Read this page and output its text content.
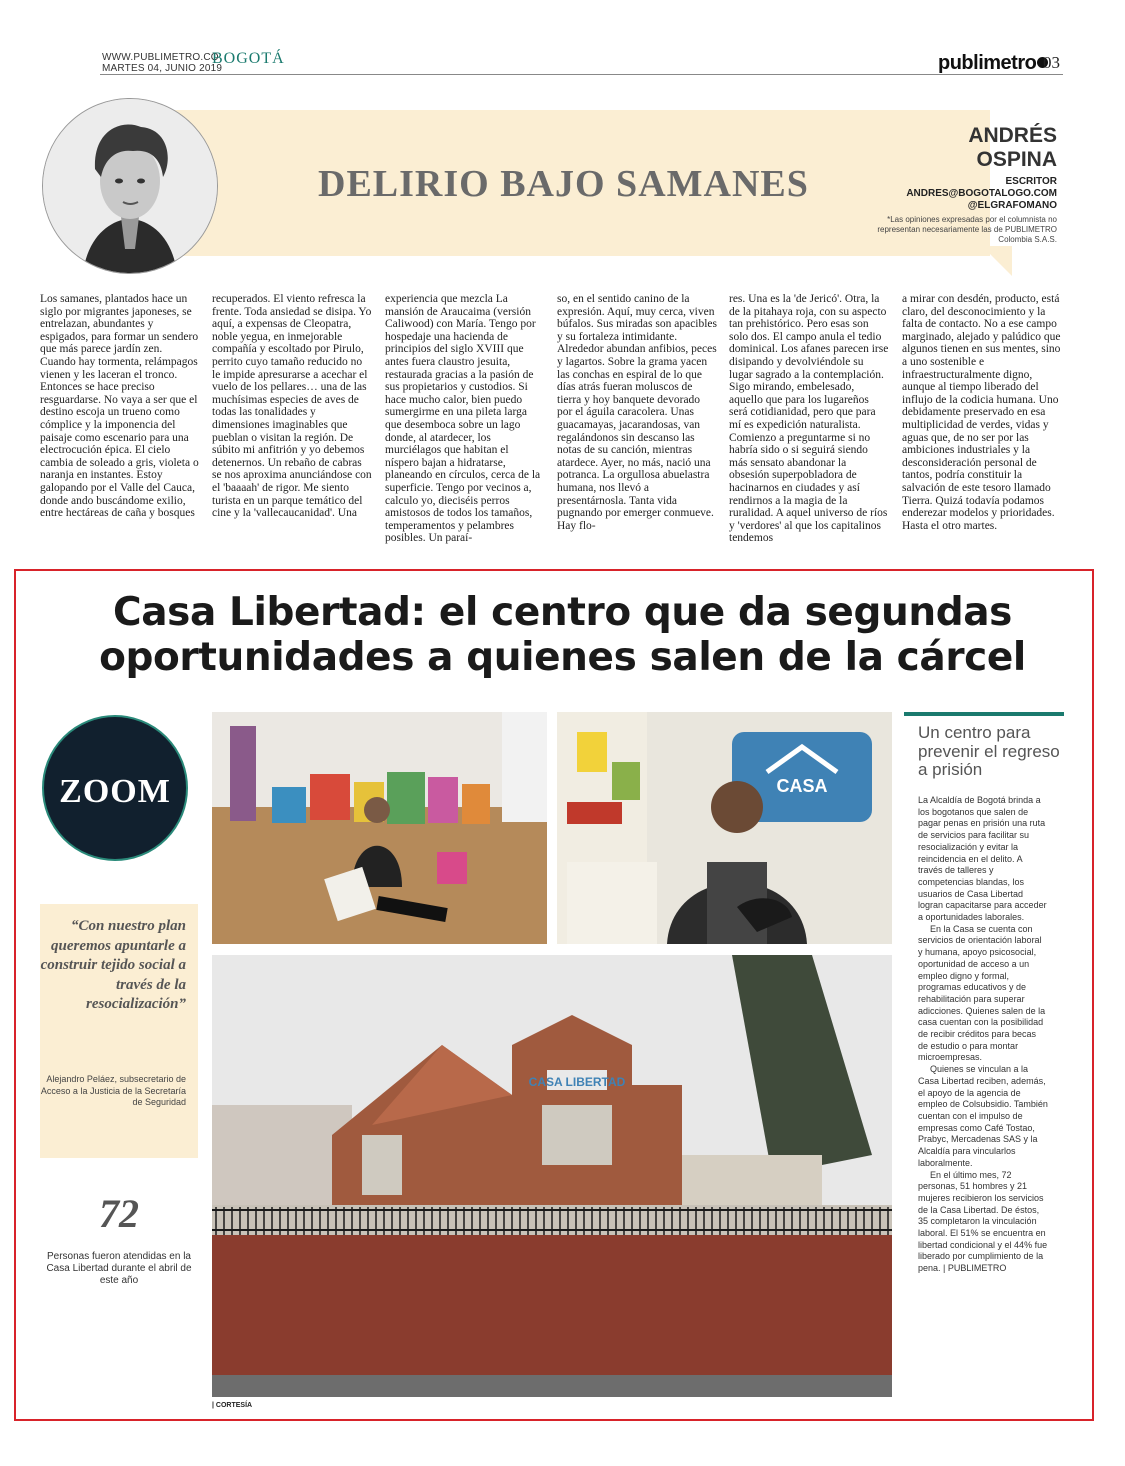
WWW.PUBLIMETRO.CO
MARTES 04, JUNIO 2019
BOGOTÁ	publimetro 03
DELIRIO BAJO SAMANES
ANDRÉS
OSPINA
ESCRITOR
ANDRES@BOGOTALOGO.COM
@ELGRAFOMANO
*Las opiniones expresadas por el columnista no representan necesariamente las de PUBLIMETRO Colombia S.A.S.
Los samanes, plantados hace un siglo por migrantes japoneses, se entrelazan, abundantes y espigados, para formar un sendero que más parece jardín zen. Cuando hay tormenta, relámpagos vienen y les laceran el tronco. Entonces se hace preciso resguardarse. No vaya a ser que el destino escoja un trueno como cómplice y la imponencia del paisaje como escenario para una electrocución épica. El cielo cambia de soleado a gris, violeta o naranja en instantes. Estoy galopando por el Valle del Cauca, donde ando buscándome exilio, entre hectáreas de caña y bosques
recuperados. El viento refresca la frente. Toda ansiedad se disipa. Yo aquí, a expensas de Cleopatra, noble yegua, en inmejorable compañía y escoltado por Pirulo, perrito cuyo tamaño reducido no le impide apresurarse a acechar el vuelo de los pellares… una de las muchísimas especies de aves de todas las tonalidades y dimensiones imaginables que pueblan o visitan la región. De súbito mi anfitrión y yo debemos detenernos. Un rebaño de cabras se nos aproxima anunciándose con el 'baaaah' de rigor. Me siento turista en un parque temático del cine y la 'vallecaucanidad'. Una
experiencia que mezcla La mansión de Araucaima (versión Caliwood) con María. Tengo por hospedaje una hacienda de principios del siglo XVIII que antes fuera claustro jesuita, restaurada gracias a la pasión de sus propietarios y custodios. Si hace mucho calor, bien puedo sumergirme en una pileta larga que desemboca sobre un lago donde, al atardecer, los murciélagos que habitan el níspero bajan a hidratarse, planeando en círculos, cerca de la superficie. Tengo por vecinos a, calculo yo, dieciséis perros amistosos de todos los tamaños, temperamentos y pelambres posibles. Un paraí-
so, en el sentido canino de la expresión. Aquí, muy cerca, viven búfalos. Sus miradas son apacibles y su fortaleza intimidante. Alrededor abundan anfibios, peces y lagartos. Sobre la grama yacen las conchas en espiral de lo que días atrás fueran moluscos de tierra y hoy banquete devorado por el águila caracolera. Unas guacamayas, jacarandosas, van regalándonos sin descanso las notas de su canción, mientras atardece. Ayer, no más, nació una potranca. La orgullosa abuelastra humana, nos llevó a presentárnosla. Tanta vida pugnando por emerger conmueve. Hay flo-
res. Una es la 'de Jericó'. Otra, la de la pitahaya roja, con su aspecto tan prehistórico. Pero esas son solo dos. El campo anula el tedio dominical. Los afanes parecen irse disipando y devolviéndole su lugar sagrado a la contemplación. Sigo mirando, embelesado, aquello que para los lugareños será cotidianidad, pero que para mí es expedición naturalista. Comienzo a preguntarme si no habría sido o si seguirá siendo más sensato abandonar la obsesión superpobladora de hacinarnos en ciudades y así rendirnos a la magia de la ruralidad. A aquel universo de ríos y 'verdores' al que los capitalinos tendemos
a mirar con desdén, producto, está claro, del desconocimiento y la falta de contacto. No a ese campo marginado, alejado y palúdico que algunos tienen en sus mentes, sino a uno sostenible e infraestructuralmente digno, aunque al tiempo liberado del influjo de la codicia humana. Uno debidamente preservado en esa multiplicidad de verdes, vidas y aguas que, de no ser por las ambiciones industriales y la desconsideración personal de tantos, podría constituir la salvación de este tesoro llamado Tierra. Quizá todavía podamos enderezar modelos y prioridades. Hasta el otro martes.
Casa Libertad: el centro que da segundas
oportunidades a quienes salen de la cárcel
ZOOM
“Con nuestro plan queremos apuntarle a construir tejido social a través de la resocialización”
Alejandro Peláez, subsecretario de Acceso a la Justicia de la Secretaría de Seguridad
72
Personas fueron atendidas en la Casa Libertad durante el abril de este año
CASA
CASA LIBERTAD
| CORTESÍA
Un centro para prevenir el regreso a prisión

La Alcaldía de Bogotá brinda a los bogotanos que salen de pagar penas en prisión una ruta de servicios para facilitar su resocialización y evitar la reincidencia en el delito. A través de talleres y competencias blandas, los usuarios de Casa Libertad logran capacitarse para acceder a oportunidades laborales.

En la Casa se cuenta con servicios de orientación laboral y humana, apoyo psicosocial, oportunidad de acceso a un empleo digno y formal, programas educativos y de rehabilitación para superar adicciones. Quienes salen de la casa cuentan con la posibilidad de recibir créditos para becas de estudio o para montar microempresas.

Quienes se vinculan a la Casa Libertad reciben, además, el apoyo de la agencia de empleo de Colsubsidio. También cuentan con el impulso de empresas como Café Tostao, Prabyc, Mercadenas SAS y la Alcaldía para vincularlos laboralmente.

En el último mes, 72 personas, 51 hombres y 21 mujeres recibieron los servicios de la Casa Libertad. De éstos, 35 completaron la vinculación laboral. El 51% se encuentra en libertad condicional y el 44% fue liberado por cumplimiento de la pena. | PUBLIMETRO
